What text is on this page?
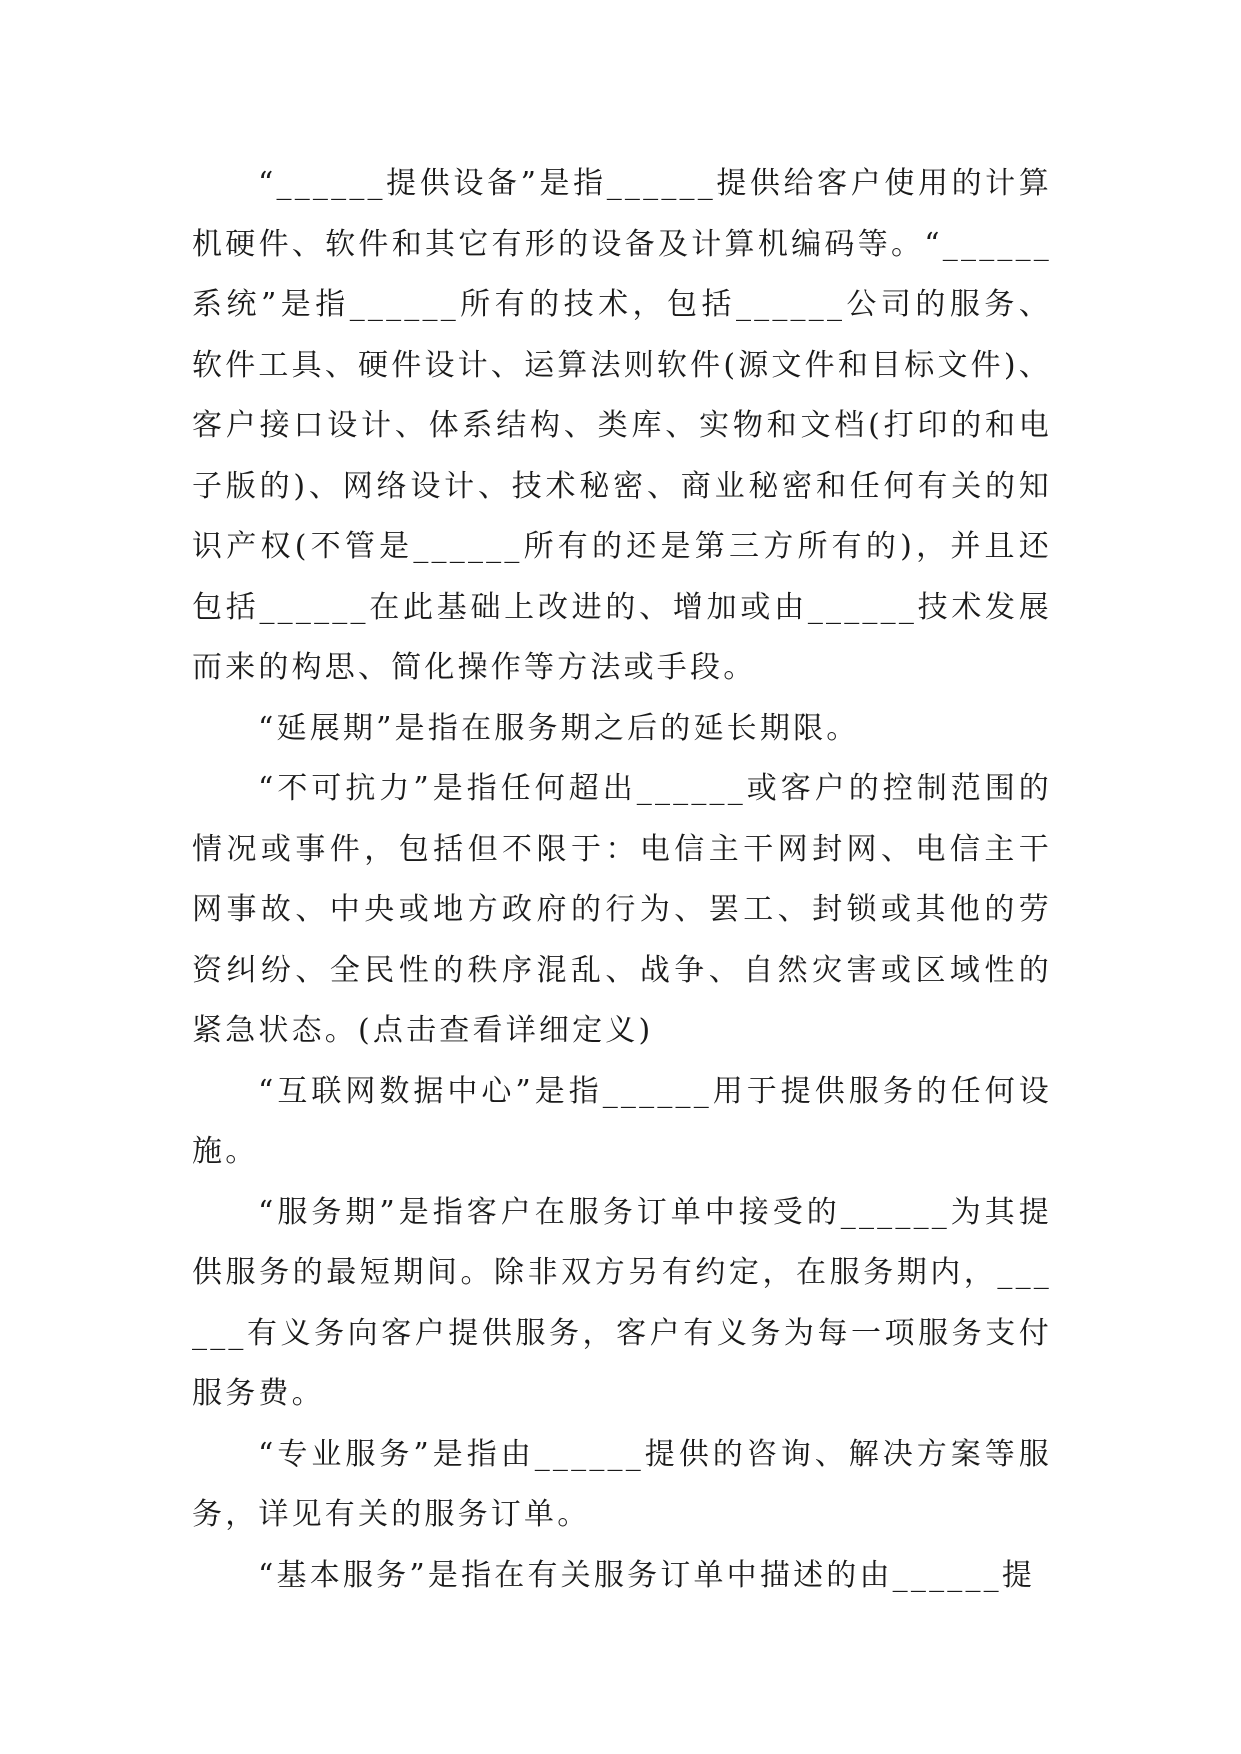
“______提供设备”是指______提供给客户使用的计算机硬件、软件和其它有形的设备及计算机编码等。“______系统”是指______所有的技术，包括______公司的服务、软件工具、硬件设计、运算法则软件(源文件和目标文件)、客户接口设计、体系结构、类库、实物和文档(打印的和电子版的)、网络设计、技术秘密、商业秘密和任何有关的知识产权(不管是______所有的还是第三方所有的)，并且还包括______在此基础上改进的、增加或由______技术发展而来的构思、简化操作等方法或手段。

“延展期”是指在服务期之后的延长期限。

“不可抗力”是指任何超出______或客户的控制范围的情况或事件，包括但不限于：电信主干网封网、电信主干网事故、中央或地方政府的行为、罢工、封锁或其他的劳资纠纷、全民性的秩序混乱、战争、自然灾害或区域性的紧急状态。(点击查看详细定义)

“互联网数据中心”是指______用于提供服务的任何设施。

“服务期”是指客户在服务订单中接受的______为其提供服务的最短期间。除非双方另有约定，在服务期内，______有义务向客户提供服务，客户有义务为每一项服务支付服务费。

“专业服务”是指由______提供的咨询、解决方案等服务，详见有关的服务订单。

“基本服务”是指在有关服务订单中描述的由______提
